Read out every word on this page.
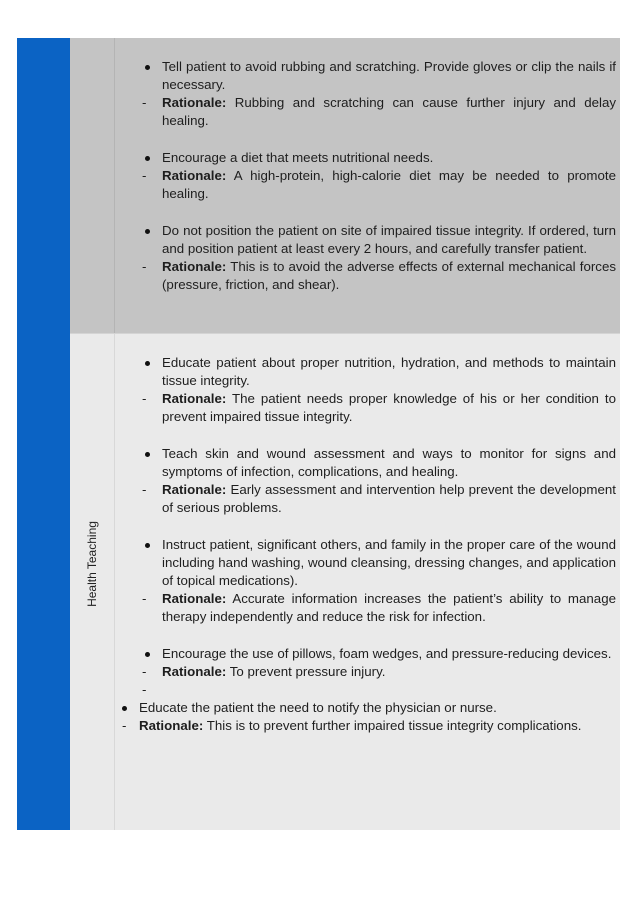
Tell patient to avoid rubbing and scratching. Provide gloves or clip the nails if necessary.
- Rationale: Rubbing and scratching can cause further injury and delay healing.
Encourage a diet that meets nutritional needs.
- Rationale: A high-protein, high-calorie diet may be needed to promote healing.
Do not position the patient on site of impaired tissue integrity. If ordered, turn and position patient at least every 2 hours, and carefully transfer patient.
- Rationale: This is to avoid the adverse effects of external mechanical forces (pressure, friction, and shear).
Health Teaching
Educate patient about proper nutrition, hydration, and methods to maintain tissue integrity.
- Rationale: The patient needs proper knowledge of his or her condition to prevent impaired tissue integrity.
Teach skin and wound assessment and ways to monitor for signs and symptoms of infection, complications, and healing.
- Rationale: Early assessment and intervention help prevent the development of serious problems.
Instruct patient, significant others, and family in the proper care of the wound including hand washing, wound cleansing, dressing changes, and application of topical medications).
- Rationale: Accurate information increases the patient’s ability to manage therapy independently and reduce the risk for infection.
Encourage the use of pillows, foam wedges, and pressure-reducing devices.
- Rationale: To prevent pressure injury.
-
Educate the patient the need to notify the physician or nurse.
- Rationale: This is to prevent further impaired tissue integrity complications.
